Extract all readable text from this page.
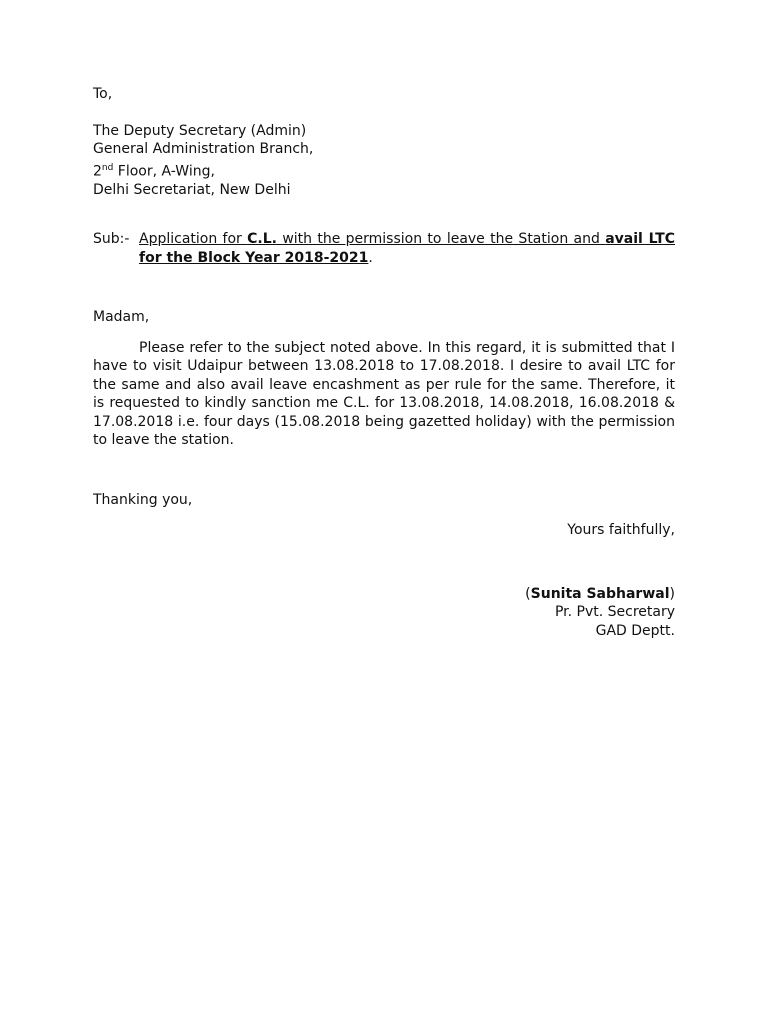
To,
The Deputy Secretary (Admin)
General Administration Branch,
2nd Floor, A-Wing,
Delhi Secretariat, New Delhi
Sub:- Application for C.L. with the permission to leave the Station and avail LTC for the Block Year 2018-2021.
Madam,
Please refer to the subject noted above. In this regard, it is submitted that I have to visit Udaipur between 13.08.2018 to 17.08.2018. I desire to avail LTC for the same and also avail leave encashment as per rule for the same. Therefore, it is requested to kindly sanction me C.L. for 13.08.2018, 14.08.2018, 16.08.2018 & 17.08.2018 i.e. four days (15.08.2018 being gazetted holiday) with the permission to leave the station.
Thanking you,
Yours faithfully,
(Sunita Sabharwal)
Pr. Pvt. Secretary
GAD Deptt.
